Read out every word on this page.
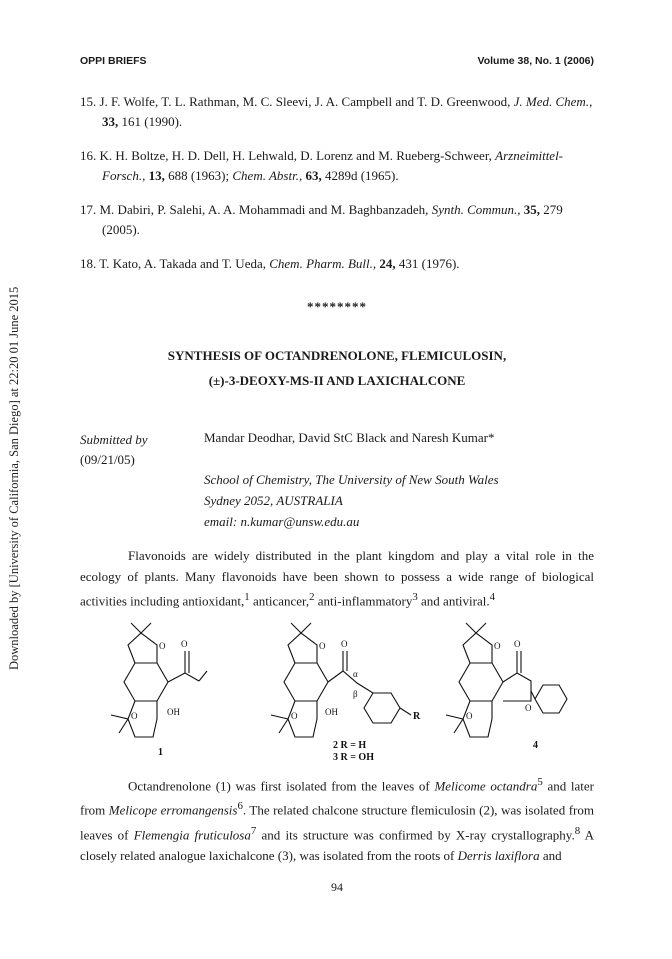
Downloaded by [University of California, San Diego] at 22:20 01 June 2015
OPPI BRIEFS	Volume 38, No. 1 (2006)
15. J. F. Wolfe, T. L. Rathman, M. C. Sleevi, J. A. Campbell and T. D. Greenwood, J. Med. Chem., 33, 161 (1990).
16. K. H. Boltze, H. D. Dell, H. Lehwald, D. Lorenz and M. Rueberg-Schweer, Arzneimittel-Forsch., 13, 688 (1963); Chem. Abstr., 63, 4289d (1965).
17. M. Dabiri, P. Salehi, A. A. Mohammadi and M. Baghbanzadeh, Synth. Commun., 35, 279 (2005).
18. T. Kato, A. Takada and T. Ueda, Chem. Pharm. Bull., 24, 431 (1976).
********
SYNTHESIS OF OCTANDRENOLONE, FLEMICULOSIN,
(±)-3-DEOXY-MS-II AND LAXICHALCONE
Submitted by
(09/21/05)
Mandar Deodhar, David StC Black and Naresh Kumar*
School of Chemistry, The University of New South Wales
Sydney 2052, AUSTRALIA
email: n.kumar@unsw.edu.au

Flavonoids are widely distributed in the plant kingdom and play a vital role in the ecology of plants. Many flavonoids have been shown to possess a wide range of biological activities including antioxidant,$^1$ anticancer,$^2$ anti-inflammatory$^3$ and antiviral.$^4$

O O
OH
O
1
O O
OH
O
α
β
R
2 R = H
3 R = OH
O O
O
O
4

Octandrenolone (1) was first isolated from the leaves of Melicome octandra$^5$ and later from Melicope erromangensis$^6$. The related chalcone structure flemiculosin (2), was isolated from leaves of Flemengia fruticulosa$^7$ and its structure was confirmed by X-ray crystallography.$^8$ A closely related analogue laxichalcone (3), was isolated from the roots of Derris laxiflora and

94
